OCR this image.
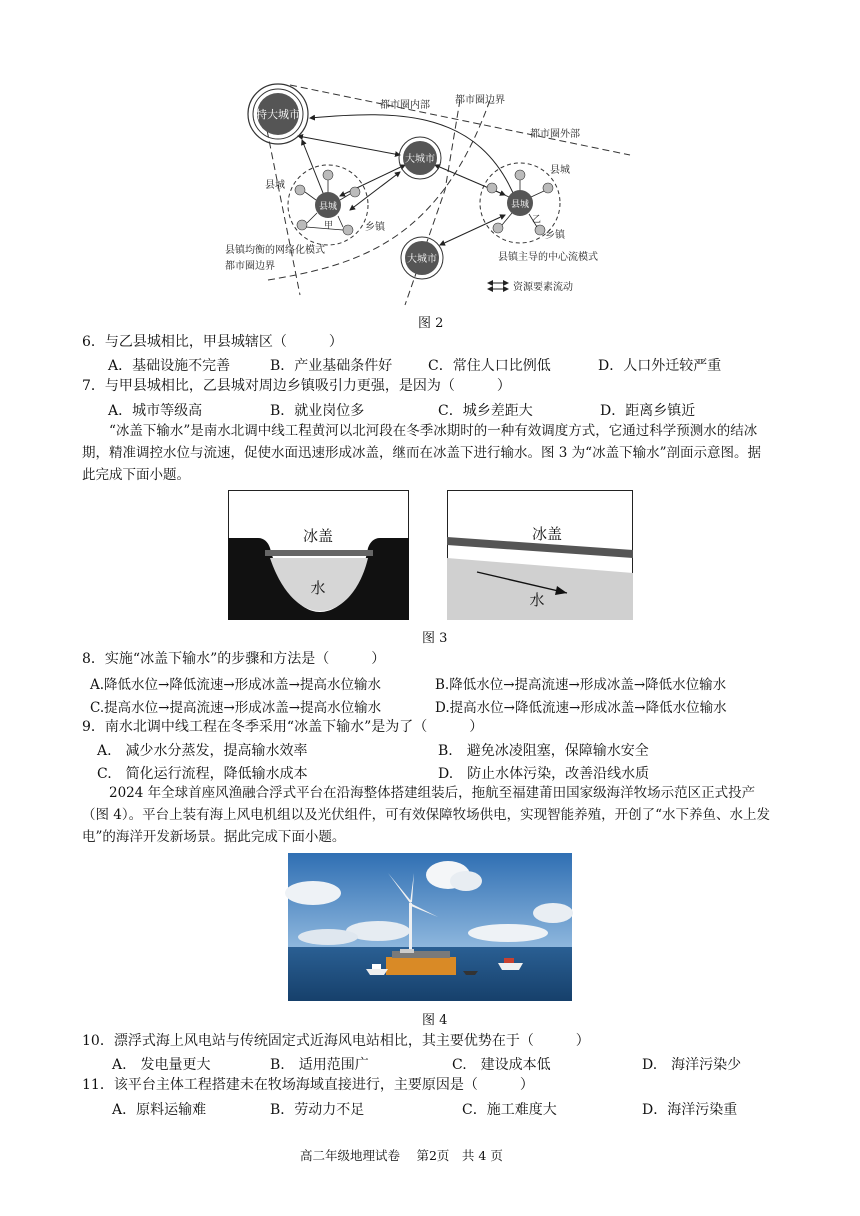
特大城市
大城市
大城市
县城
甲
县城
乙
都市圈内部	都市圈边界
都市圈外部
县城
乡镇
县城
乡镇
县镇均衡的网络化模式
都市圈边界
县镇主导的中心流模式
资源要素流动
图 2
6．与乙县城相比，甲县城辖区（　　　）
A．基础设施不完善	B．产业基础条件好	C．常住人口比例低	D．人口外迁较严重
7．与甲县城相比，乙县城对周边乡镇吸引力更强，是因为（　　　）
A．城市等级高	B．就业岗位多	C．城乡差距大	D．距离乡镇近
“冰盖下输水”是南水北调中线工程黄河以北河段在冬季冰期时的一种有效调度方式，它通过科学预测水的结冰期，精准调控水位与流速，促使水面迅速形成冰盖，继而在冰盖下进行输水。图 3 为“冰盖下输水”剖面示意图。据此完成下面小题。
冰盖
水
冰盖
水
图 3
8．实施“冰盖下输水”的步骤和方法是（　　　）
A.降低水位→降低流速→形成冰盖→提高水位输水	B.降低水位→提高流速→形成冰盖→降低水位输水
C.提高水位→提高流速→形成冰盖→提高水位输水	D.提高水位→降低流速→形成冰盖→降低水位输水
9．南水北调中线工程在冬季采用“冰盖下输水”是为了（　　　）
A.　减少水分蒸发，提高输水效率	B.　避免冰凌阻塞，保障输水安全
C.　简化运行流程，降低输水成本	D.　防止水体污染，改善沿线水质
2024 年全球首座风渔融合浮式平台在沿海整体搭建组装后，拖航至福建莆田国家级海洋牧场示范区正式投产（图 4）。平台上装有海上风电机组以及光伏组件，可有效保障牧场供电，实现智能养殖，开创了“水下养鱼、水上发电”的海洋开发新场景。据此完成下面小题。
图 4
10．漂浮式海上风电站与传统固定式近海风电站相比，其主要优势在于（　　　）
A.　发电量更大	B.　适用范围广	C.　建设成本低	D.　海洋污染少
11．该平台主体工程搭建未在牧场海域直接进行，主要原因是（　　　）
A．原料运输难	B．劳动力不足	C．施工难度大	D．海洋污染重
高二年级地理试卷　 第2页　共 4 页
